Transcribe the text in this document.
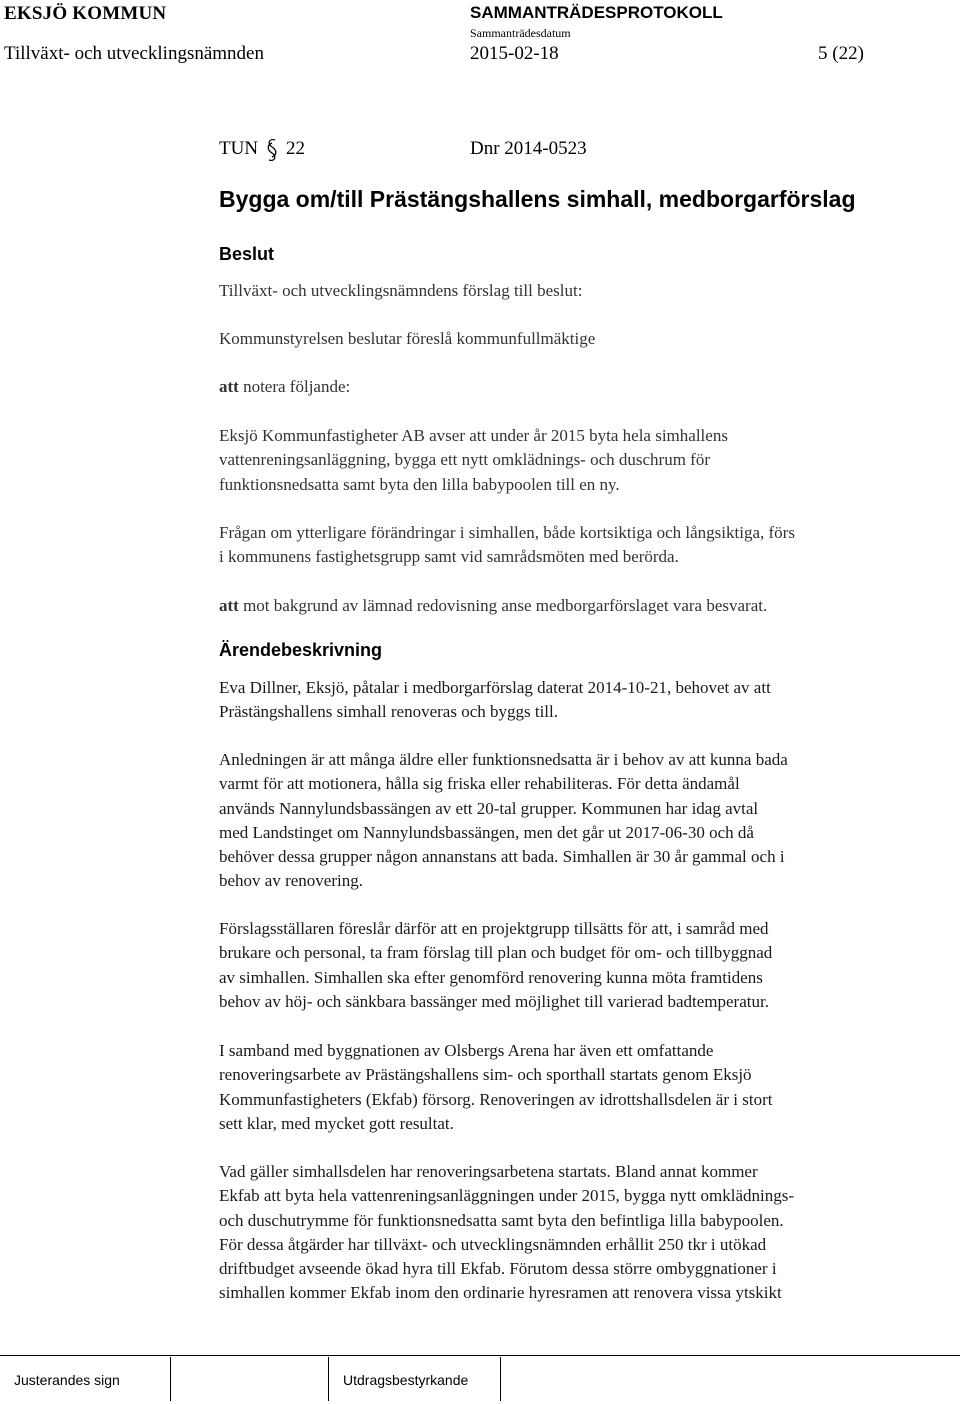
EKSJÖ KOMMUN	SAMMANTRÄDESPROTOKOLL
Sammanträdesdatum
Tillväxt- och utvecklingsnämnden	2015-02-18	5 (22)
TUN 22	Dnr 2014-0523
Bygga om/till Prästängshallens simhall, medborgarförslag
Beslut
Tillväxt- och utvecklingsnämndens förslag till beslut:
Kommunstyrelsen beslutar föreslå kommunfullmäktige
att notera följande:
Eksjö Kommunfastigheter AB avser att under år 2015 byta hela simhallens
vattenreningsanläggning, bygga ett nytt omklädnings- och duschrum för
funktionsnedsatta samt byta den lilla babypoolen till en ny.
Frågan om ytterligare förändringar i simhallen, både kortsiktiga och långsiktiga, förs
i kommunens fastighetsgrupp samt vid samrådsmöten med berörda.
att mot bakgrund av lämnad redovisning anse medborgarförslaget vara besvarat.
Ärendebeskrivning
Eva Dillner, Eksjö, påtalar i medborgarförslag daterat 2014-10-21, behovet av att
Prästängshallens simhall renoveras och byggs till.
Anledningen är att många äldre eller funktionsnedsatta är i behov av att kunna bada
varmt för att motionera, hålla sig friska eller rehabiliteras. För detta ändamål
används Nannylundsbassängen av ett 20-tal grupper. Kommunen har idag avtal
med Landstinget om Nannylundsbassängen, men det går ut 2017-06-30 och då
behöver dessa grupper någon annanstans att bada. Simhallen är 30 år gammal och i
behov av renovering.
Förslagsställaren föreslår därför att en projektgrupp tillsätts för att, i samråd med
brukare och personal, ta fram förslag till plan och budget för om- och tillbyggnad
av simhallen. Simhallen ska efter genomförd renovering kunna möta framtidens
behov av höj- och sänkbara bassänger med möjlighet till varierad badtemperatur.
I samband med byggnationen av Olsbergs Arena har även ett omfattande
renoveringsarbete av Prästängshallens sim- och sporthall startats genom Eksjö
Kommunfastigheters (Ekfab) försorg. Renoveringen av idrottshallsdelen är i stort
sett klar, med mycket gott resultat.
Vad gäller simhallsdelen har renoveringsarbetena startats. Bland annat kommer
Ekfab att byta hela vattenreningsanläggningen under 2015, bygga nytt omklädnings-
och duschutrymme för funktionsnedsatta samt byta den befintliga lilla babypoolen.
För dessa åtgärder har tillväxt- och utvecklingsnämnden erhållit 250 tkr i utökad
driftbudget avseende ökad hyra till Ekfab. Förutom dessa större ombyggnationer i
simhallen kommer Ekfab inom den ordinarie hyresramen att renovera vissa ytskikt
Justerandes sign	Utdragsbestyrkande
